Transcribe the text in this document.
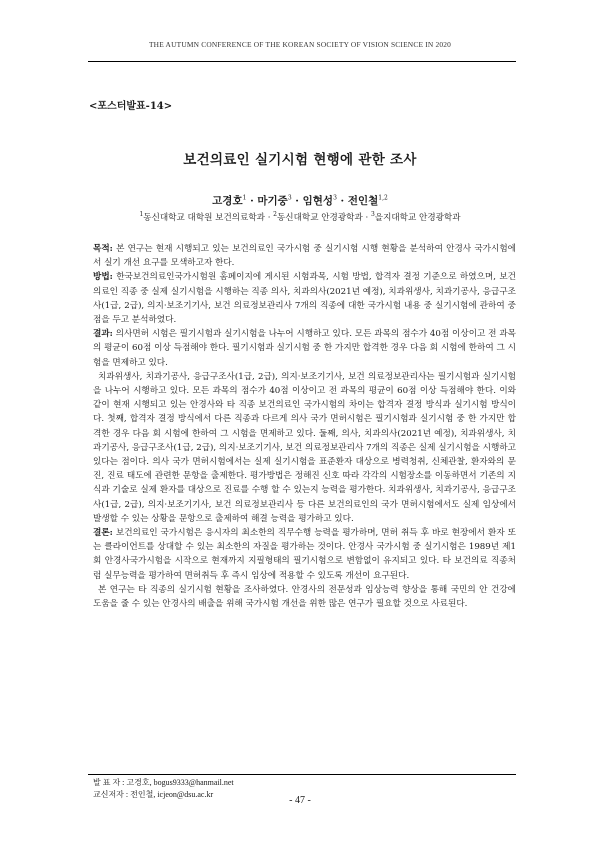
THE AUTUMN CONFERENCE OF THE KOREAN SOCIETY OF VISION SCIENCE IN 2020
<포스터발표-14>
보건의료인 실기시험 현행에 관한 조사
고경호$^1$ · 마기중$^3$ · 임현성$^3$ · 전인철$^{1,2}$
$^1$동신대학교 대학원 보건의료학과 · $^2$동신대학교 안경광학과 · $^3$을지대학교 안경광학과

목적: 본 연구는 현재 시행되고 있는 보건의료인 국가시험 중 실기시험 시행 현황을 분석하여 안경사 국가시험에서 실기 개선 요구를 모색하고자 한다.

방법: 한국보건의료인국가시험원 홈페이지에 게시된 시험과목, 시험 방법, 합격자 결정 기준으로 하였으며, 보건의료인 직종 중 실제 실기시험을 시행하는 직종 의사, 치과의사(2021년 예정), 치과위생사, 치과기공사, 응급구조사(1급, 2급), 의지·보조기기사, 보건 의료정보관리사 7개의 직종에 대한 국가시험 내용 중 실기시험에 관하여 중점을 두고 분석하였다.

결과: 의사면허 시험은 필기시험과 실기시험을 나누어 시행하고 있다. 모든 과목의 점수가 40점 이상이고 전 과목의 평균이 60점 이상 득점해야 한다. 필기시험과 실기시험 중 한 가지만 합격한 경우 다음 회 시험에 한하여 그 시험을 면제하고 있다.

치과위생사, 치과기공사, 응급구조사(1급, 2급), 의지·보조기기사, 보건 의료정보관리사는 필기시험과 실기시험을 나누어 시행하고 있다. 모든 과목의 점수가 40점 이상이고 전 과목의 평균이 60점 이상 득점해야 한다. 이와 같이 현재 시행되고 있는 안경사와 타 직종 보건의료인 국가시험의 차이는 합격자 결정 방식과 실기시험 방식이다. 첫째, 합격자 결정 방식에서 다른 직종과 다르게 의사 국가 면허시험은 필기시험과 실기시험 중 한 가지만 합격한 경우 다음 회 시험에 한하여 그 시험을 면제하고 있다. 둘째, 의사, 치과의사(2021년 예정), 치과위생사, 치과기공사, 응급구조사(1급, 2급), 의지·보조기기사, 보건 의료정보관리사 7개의 직종은 실제 실기시험을 시행하고 있다는 점이다. 의사 국가 면허시험에서는 실제 실기시험을 표준환자 대상으로 병력청취, 신체관찰, 환자와의 문진, 진료 태도에 관련한 문항을 출제한다. 평가방법은 정해진 신호 따라 각각의 시험장소를 이동하면서 기존의 지식과 기술로 실제 환자를 대상으로 진료를 수행 할 수 있는지 능력을 평가한다. 치과위생사, 치과기공사, 응급구조사(1급, 2급), 의지·보조기기사, 보건 의료정보관리사 등 다른 보건의료인의 국가 면허시험에서도 실제 임상에서 발생할 수 있는 상황을 문항으로 출제하여 해결 능력을 평가하고 있다.

결론: 보건의료인 국가시험은 응시자의 최소한의 직무수행 능력을 평가하며, 면허 취득 후 바로 현장에서 환자 또는 클라이언트를 상대할 수 있는 최소한의 자질을 평가하는 것이다. 안경사 국가시험 중 실기시험은 1989년 제1회 안경사국가시험을 시작으로 현재까지 지필형태의 필기시험으로 변함없이 유지되고 있다. 타 보건의료 직종처럼 실무능력을 평가하여 면허취득 후 즉시 임상에 적용할 수 있도록 개선이 요구된다.

본 연구는 타 직종의 실기시험 현황을 조사하였다. 안경사의 전문성과 임상능력 향상을 통해 국민의 안 건강에 도움을 줄 수 있는 안경사의 배출을 위해 국가시험 개선을 위한 많은 연구가 필요할 것으로 사료된다.

발 표 자 : 고경호, bogus9333@hanmail.net
교신저자 : 전인철, icjeon@dsu.ac.kr
- 47 -
